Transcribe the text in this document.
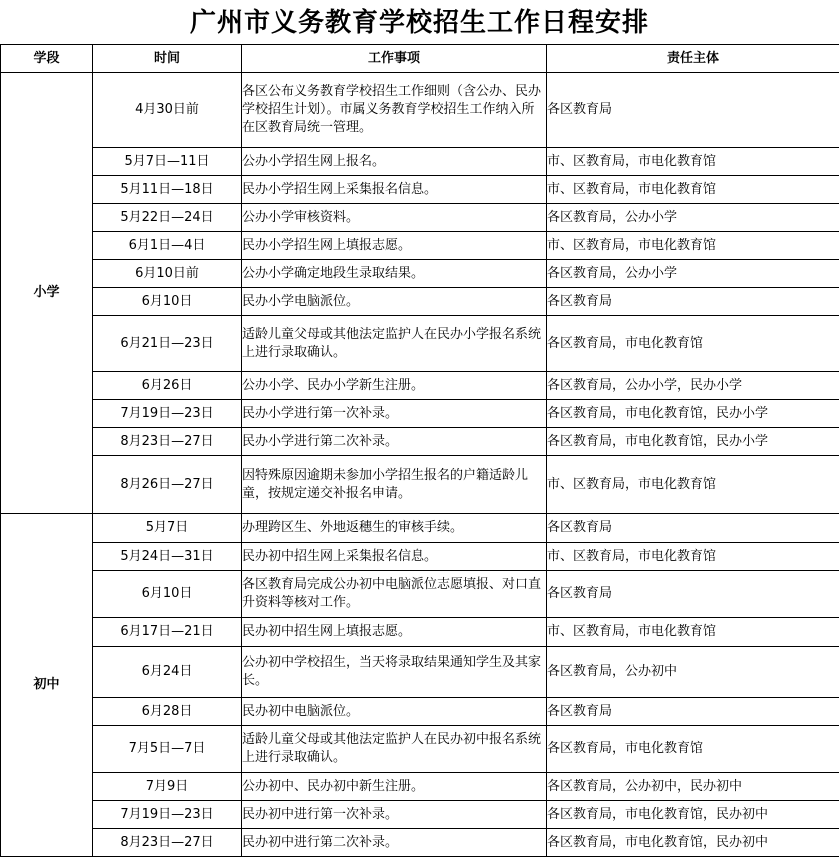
广州市义务教育学校招生工作日程安排
学段	时间	工作事项	责任主体
小学	4月30日前	各区公布义务教育学校招生工作细则（含公办、民办学校招生计划）。市属义务教育学校招生工作纳入所在区教育局统一管理。	各区教育局
	5月7日—11日	公办小学招生网上报名。	市、区教育局，市电化教育馆
	5月11日—18日	民办小学招生网上采集报名信息。	市、区教育局，市电化教育馆
	5月22日—24日	公办小学审核资料。	各区教育局，公办小学
	6月1日—4日	民办小学招生网上填报志愿。	市、区教育局，市电化教育馆
	6月10日前	公办小学确定地段生录取结果。	各区教育局，公办小学
	6月10日	民办小学电脑派位。	各区教育局
	6月21日—23日	适龄儿童父母或其他法定监护人在民办小学报名系统上进行录取确认。	各区教育局，市电化教育馆
	6月26日	公办小学、民办小学新生注册。	各区教育局，公办小学，民办小学
	7月19日—23日	民办小学进行第一次补录。	各区教育局，市电化教育馆，民办小学
	8月23日—27日	民办小学进行第二次补录。	各区教育局，市电化教育馆，民办小学
	8月26日—27日	因特殊原因逾期未参加小学招生报名的户籍适龄儿童，按规定递交补报名申请。	市、区教育局，市电化教育馆
初中	5月7日	办理跨区生、外地返穗生的审核手续。	各区教育局
	5月24日—31日	民办初中招生网上采集报名信息。	市、区教育局，市电化教育馆
	6月10日	各区教育局完成公办初中电脑派位志愿填报、对口直升资料等核对工作。	各区教育局
	6月17日—21日	民办初中招生网上填报志愿。	市、区教育局，市电化教育馆
	6月24日	公办初中学校招生，当天将录取结果通知学生及其家长。	各区教育局，公办初中
	6月28日	民办初中电脑派位。	各区教育局
	7月5日—7日	适龄儿童父母或其他法定监护人在民办初中报名系统上进行录取确认。	各区教育局，市电化教育馆
	7月9日	公办初中、民办初中新生注册。	各区教育局，公办初中，民办初中
	7月19日—23日	民办初中进行第一次补录。	各区教育局，市电化教育馆，民办初中
	8月23日—27日	民办初中进行第二次补录。	各区教育局，市电化教育馆，民办初中
